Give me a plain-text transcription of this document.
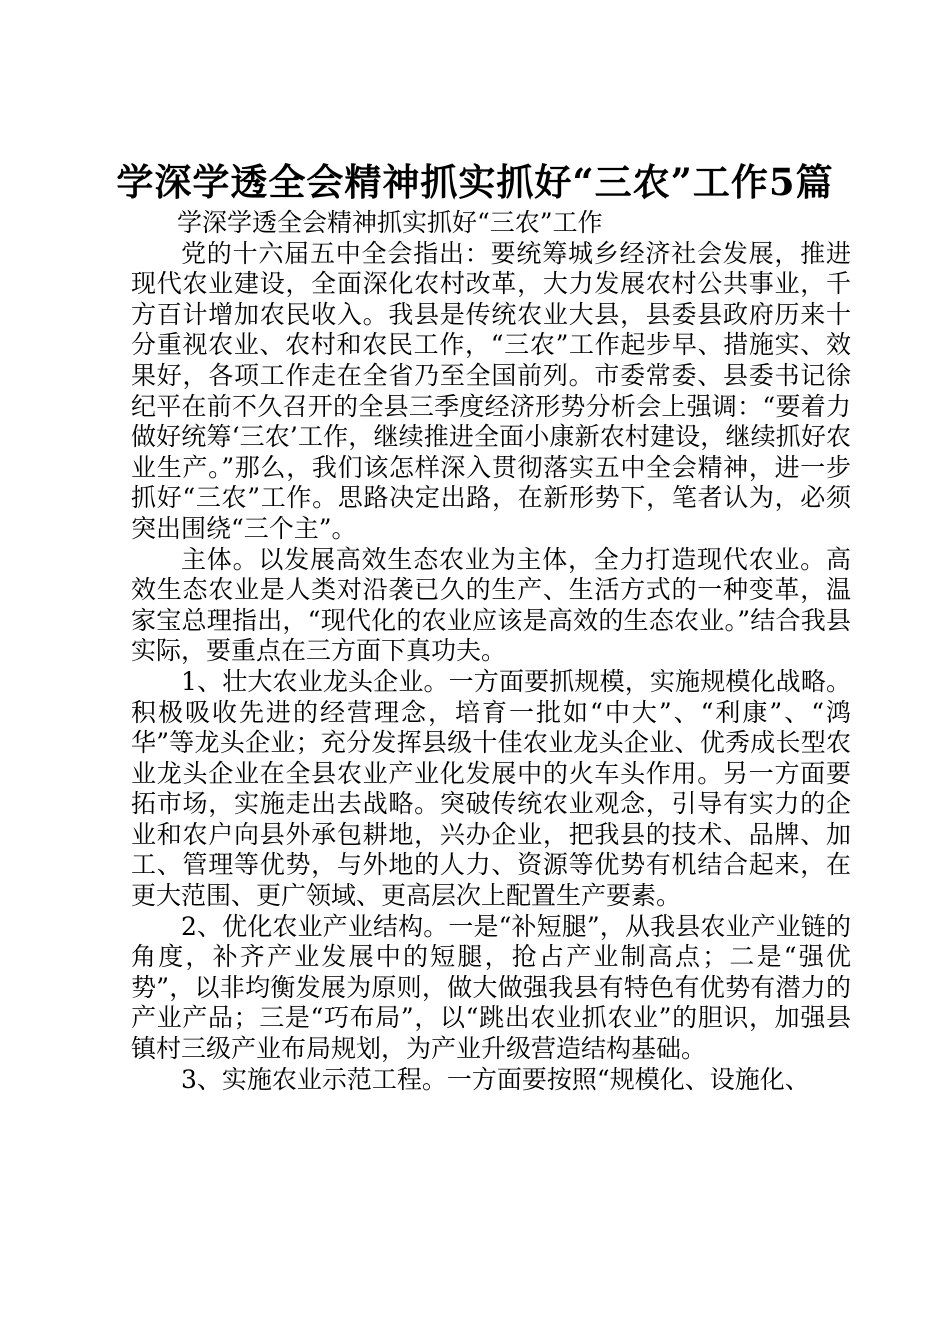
学深学透全会精神抓实抓好“三农”工作5篇

学深学透全会精神抓实抓好“三农”工作

党的十六届五中全会指出：要统筹城乡经济社会发展，推进现代农业建设，全面深化农村改革，大力发展农村公共事业，千方百计增加农民收入。我县是传统农业大县，县委县政府历来十分重视农业、农村和农民工作，“三农”工作起步早、措施实、效果好，各项工作走在全省乃至全国前列。市委常委、县委书记徐纪平在前不久召开的全县三季度经济形势分析会上强调：“要着力做好统筹‘三农’工作，继续推进全面小康新农村建设，继续抓好农业生产。”那么，我们该怎样深入贯彻落实五中全会精神，进一步抓好“三农”工作。思路决定出路，在新形势下，笔者认为，必须突出围绕“三个主”。

主体。以发展高效生态农业为主体，全力打造现代农业。高效生态农业是人类对沿袭已久的生产、生活方式的一种变革，温家宝总理指出，“现代化的农业应该是高效的生态农业。”结合我县实际，要重点在三方面下真功夫。

1、壮大农业龙头企业。一方面要抓规模，实施规模化战略。积极吸收先进的经营理念，培育一批如“中大”、“利康”、“鸿华”等龙头企业；充分发挥县级十佳农业龙头企业、优秀成长型农业龙头企业在全县农业产业化发展中的火车头作用。另一方面要拓市场，实施走出去战略。突破传统农业观念，引导有实力的企业和农户向县外承包耕地，兴办企业，把我县的技术、品牌、加工、管理等优势，与外地的人力、资源等优势有机结合起来，在更大范围、更广领域、更高层次上配置生产要素。

2、优化农业产业结构。一是“补短腿”，从我县农业产业链的角度，补齐产业发展中的短腿，抢占产业制高点；二是“强优势”，以非均衡发展为原则，做大做强我县有特色有优势有潜力的产业产品；三是“巧布局”，以“跳出农业抓农业”的胆识，加强县镇村三级产业布局规划，为产业升级营造结构基础。

3、实施农业示范工程。一方面要按照“规模化、设施化、
